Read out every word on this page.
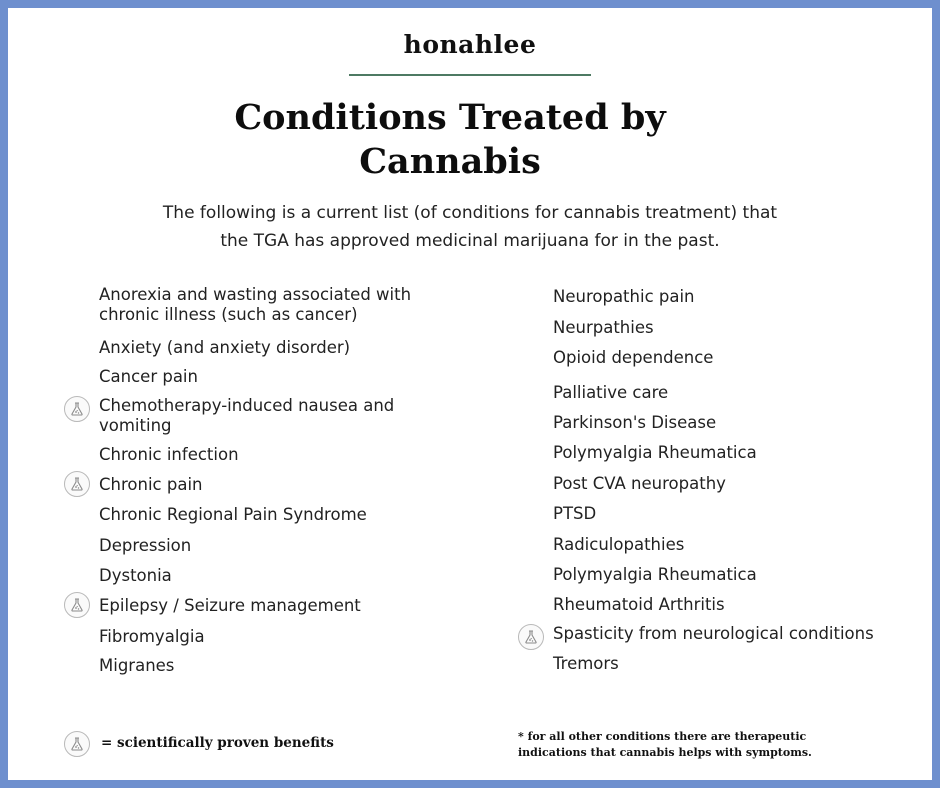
honahlee
Conditions Treated by Cannabis
The following is a current list (of conditions for cannabis treatment) that the TGA has approved medicinal marijuana for in the past.
Anorexia and wasting associated with chronic illness (such as cancer)
Anxiety (and anxiety disorder)
Cancer pain
Chemotherapy-induced nausea and vomiting
Chronic infection
Chronic pain
Chronic Regional Pain Syndrome
Depression
Dystonia
Epilepsy / Seizure management
Fibromyalgia
Migranes
Neuropathic pain
Neurpathies
Opioid dependence
Palliative care
Parkinson's Disease
Polymyalgia Rheumatica
Post CVA neuropathy
PTSD
Radiculopathies
Polymyalgia Rheumatica
Rheumatoid Arthritis
Spasticity from neurological conditions
Tremors
= scientifically proven benefits	* for all other conditions there are therapeutic indications that cannabis helps with symptoms.
